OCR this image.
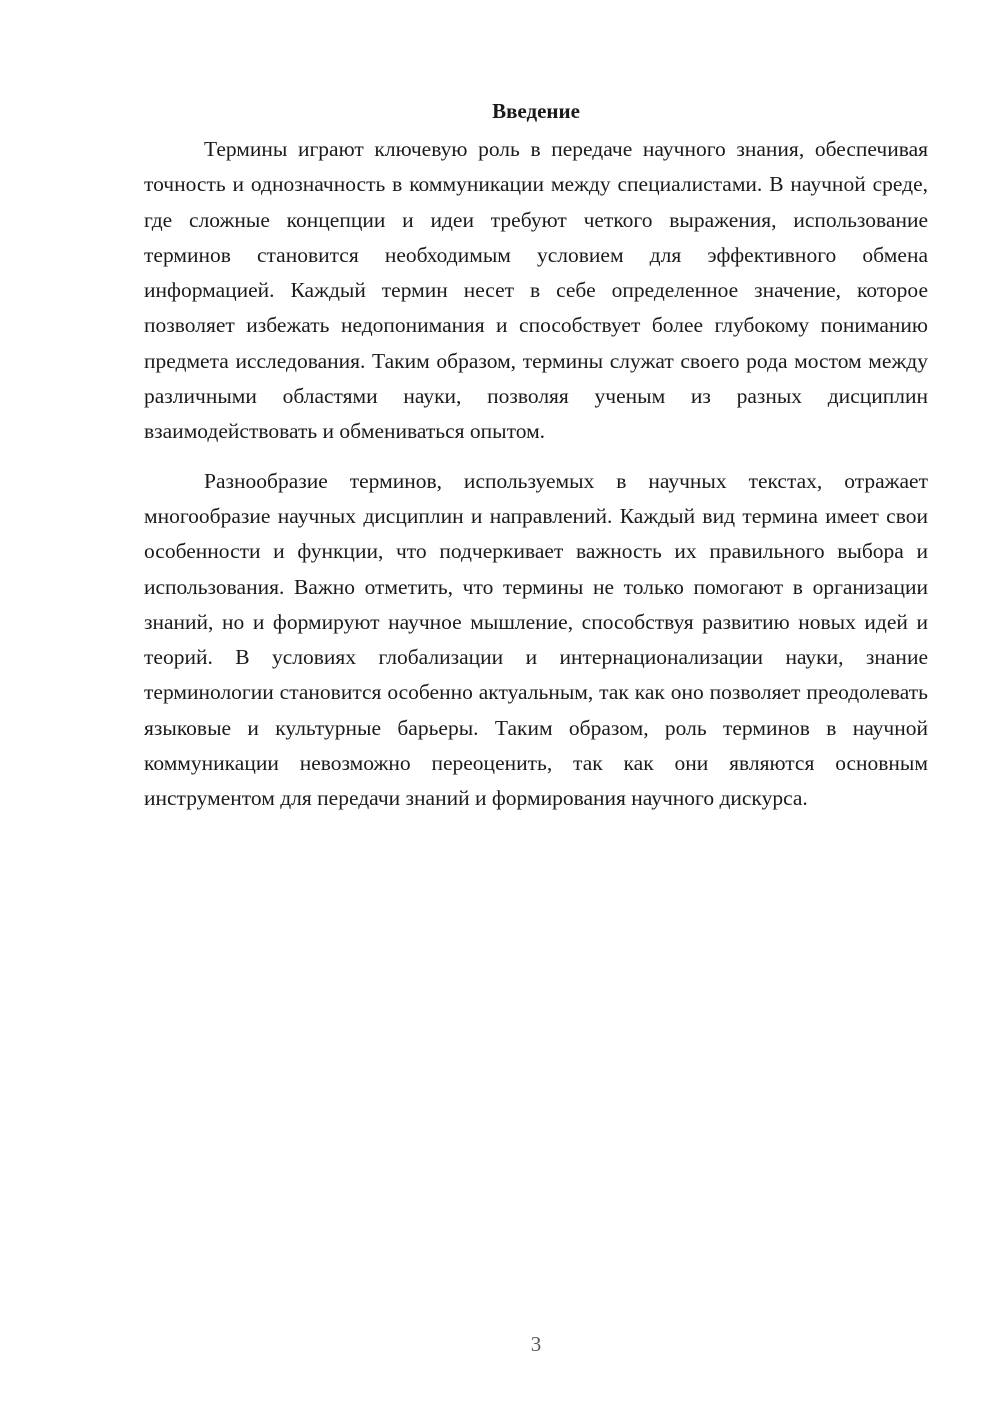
Введение

Термины играют ключевую роль в передаче научного знания, обеспечивая точность и однозначность в коммуникации между специалистами. В научной среде, где сложные концепции и идеи требуют четкого выражения, использование терминов становится необходимым условием для эффективного обмена информацией. Каждый термин несет в себе определенное значение, которое позволяет избежать недопонимания и способствует более глубокому пониманию предмета исследования. Таким образом, термины служат своего рода мостом между различными областями науки, позволяя ученым из разных дисциплин взаимодействовать и обмениваться опытом.

Разнообразие терминов, используемых в научных текстах, отражает многообразие научных дисциплин и направлений. Каждый вид термина имеет свои особенности и функции, что подчеркивает важность их правильного выбора и использования. Важно отметить, что термины не только помогают в организации знаний, но и формируют научное мышление, способствуя развитию новых идей и теорий. В условиях глобализации и интернационализации науки, знание терминологии становится особенно актуальным, так как оно позволяет преодолевать языковые и культурные барьеры. Таким образом, роль терминов в научной коммуникации невозможно переоценить, так как они являются основным инструментом для передачи знаний и формирования научного дискурса.

3
